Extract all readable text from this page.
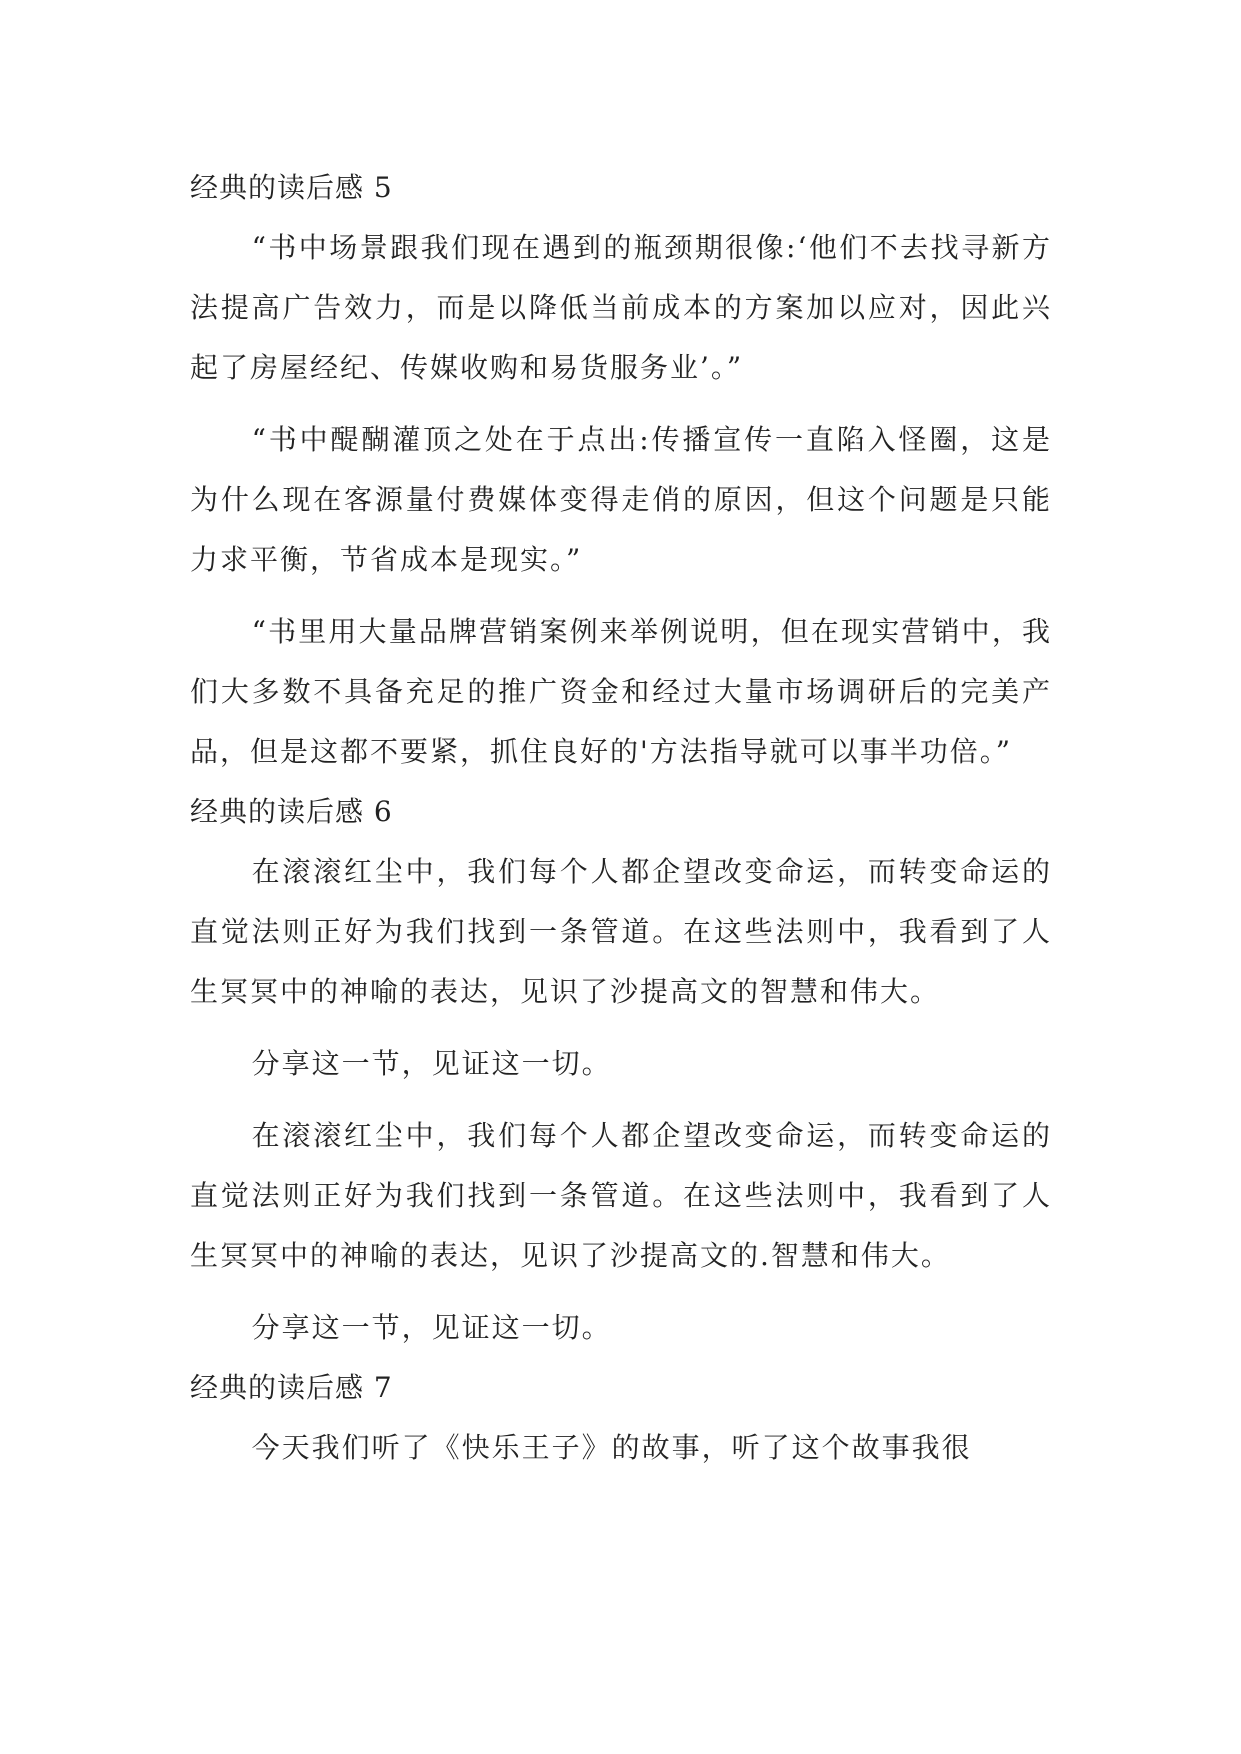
经典的读后感 5

“书中场景跟我们现在遇到的瓶颈期很像:‘他们不去找寻新方法提高广告效力，而是以降低当前成本的方案加以应对，因此兴起了房屋经纪、传媒收购和易货服务业’。”

“书中醍醐灌顶之处在于点出:传播宣传一直陷入怪圈，这是为什么现在客源量付费媒体变得走俏的原因，但这个问题是只能力求平衡，节省成本是现实。”

“书里用大量品牌营销案例来举例说明，但在现实营销中，我们大多数不具备充足的推广资金和经过大量市场调研后的完美产品，但是这都不要紧，抓住良好的'方法指导就可以事半功倍。”

经典的读后感 6

在滚滚红尘中，我们每个人都企望改变命运，而转变命运的直觉法则正好为我们找到一条管道。在这些法则中，我看到了人生冥冥中的神喻的表达，见识了沙提高文的智慧和伟大。

分享这一节，见证这一切。

在滚滚红尘中，我们每个人都企望改变命运，而转变命运的直觉法则正好为我们找到一条管道。在这些法则中，我看到了人生冥冥中的神喻的表达，见识了沙提高文的.智慧和伟大。

分享这一节，见证这一切。

经典的读后感 7

今天我们听了《快乐王子》的故事，听了这个故事我很
